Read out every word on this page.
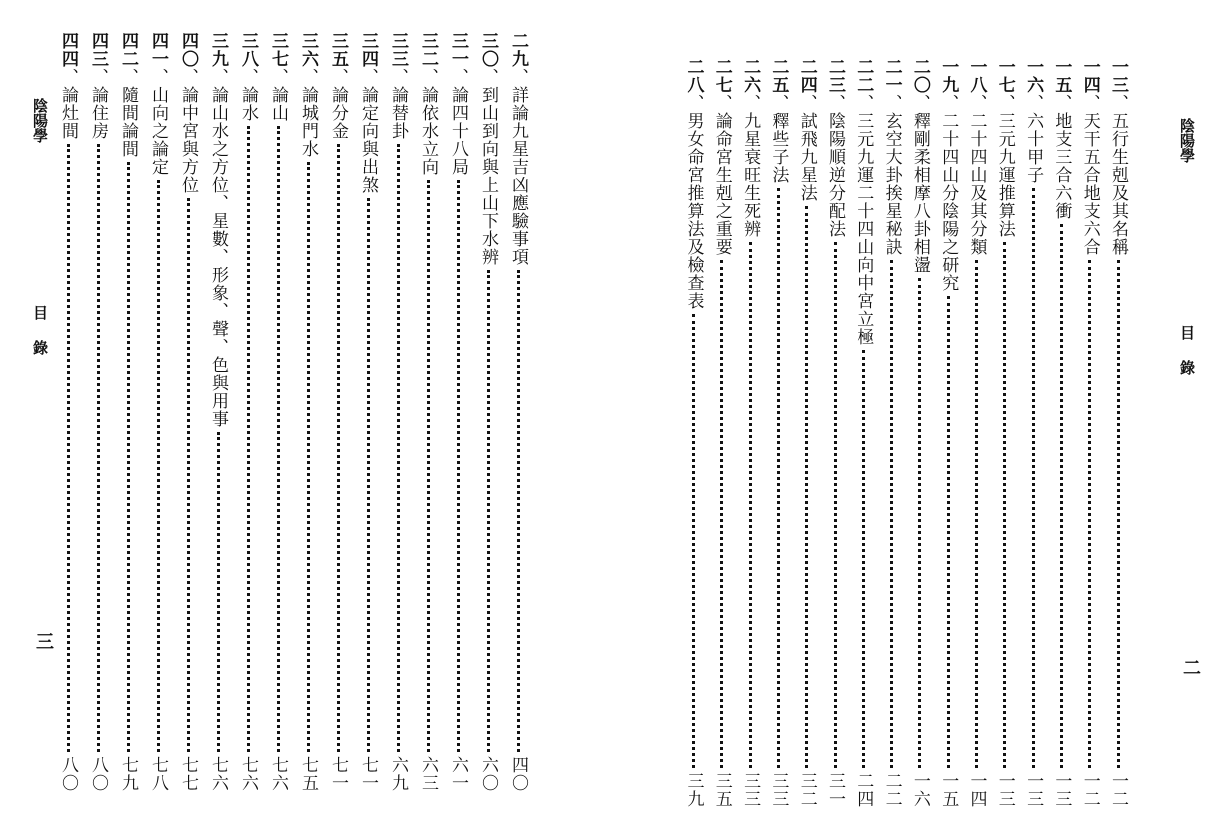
二九
、
詳論九星吉凶應驗事項
四〇
三〇
、
到山到向與上山下水辨
六〇
三一
、
論四十八局
六一
三二
、
論依水立向
六三
三三
、
論替卦
六九
三四
、
論定向與出煞
七一
三五
、
論分金
七一
三六
、
論城門水
七五
三七
、
論山
七六
三八
、
論水
七六
三九
、
論山水之方位、星數、形象、聲、色與用事
七六
四〇
、
論中宮與方位
七七
四一
、
山向之論定
七八
四二
、
隨間論間
七九
四三
、
論住房
八〇
四四
、
論灶間
八〇
陰陽學
目錄
三
一三
、
五行生剋及其名稱
一二
一四
、
天干五合地支六合
一二
一五
、
地支三合六衝
一三
一六
、
六十甲子
一三
一七
、
三元九運推算法
一三
一八
、
二十四山及其分類
一四
一九
、
二十四山分陰陽之研究
一五
二〇
、
釋剛柔相摩八卦相盪
一六
二一
、
玄空大卦挨星秘訣
二二
二二
、
三元九運二十四山向中宮立極
二四
二三
、
陰陽順逆分配法
三一
二四
、
試飛九星法
三二
二五
、
釋些子法
三三
二六
、
九星衰旺生死辨
三三
二七
、
論命宮生剋之重要
三五
二八
、
男女命宮推算法及檢查表
三九
陰陽學
目錄
二
